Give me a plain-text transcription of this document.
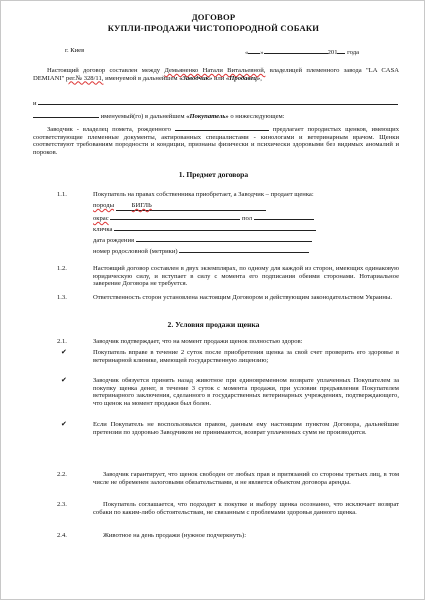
ДОГОВОР
КУПЛИ-ПРОДАЖИ ЧИСТОПОРОДНОЙ СОБАКИ
г. Киев	« »	201 года
Настоящий договор составлен между Демьяненко Натали Витальевной, владелицей племенного завода "LA CASA DEMIANI" рег.№ 328/11, именуемой в дальнейшем «Заводчик» или «Продавец»,
и
именуемый(го) в дальнейшем «Покупатель» о нижеследующем:
Заводчик - владелец помета, рожденного	предлагает породистых щенков, имеющих соответствующие племенные документы, актированных специалистами - кинологами и ветеринарным врачом. Щенки соответствуют требованиям породности и кондиции, признаны физически и психически здоровыми без видимых аномалий и пороков.
1. Предмет договора
1.1.	Покупатель на правах собственника приобретает, а Заводчик – продает щенка:
породы	БИГЛЬ
окрас	пол
кличка
дата рождения
номер родословной (метрики)
1.2.	Настоящий договор составлен в двух экземплярах, по одному для каждой из сторон, имеющих одинаковую юридическую силу, и вступает в силу с момента его подписания обеими сторонами. Нотариальное заверение Договора не требуется.
1.3.	Ответственность сторон установлена настоящим Договором и действующим законодательством Украины.
2. Условия продажи щенка
2.1.	Заводчик подтверждает, что на момент продажи щенок полностью здоров:
✔	Покупатель вправе в течение 2 суток после приобретения щенка за свой счет проверить его здоровье в ветеринарной клинике, имеющей государственную лицензию;
✔	Заводчик обязуется принять назад животное при единовременном возврате уплаченных Покупателем за покупку щенка денег, в течение 3 суток с момента продажи, при условии предъявления Покупателем ветеринарного заключения, сделанного в государственных ветеринарных учреждениях, подтверждающего, что щенок на момент продажи был болен.
✔	Если Покупатель не воспользовался правом, данным ему настоящим пунктом Договора, дальнейшие претензии по здоровью Заводчиком не принимаются, возврат уплаченных сумм не производится.
2.2.	Заводчик гарантирует, что щенок свободен от любых прав и притязаний со стороны третьих лиц, в том числе не обременен залоговыми обязательствами, и не является объектом договора аренды.
2.3.	Покупатель соглашается, что подходит к покупке и выбору щенка осознанно, что исключает возврат собаки по каким-либо обстоятельствам, не связанным с проблемами здоровья данного щенка.
2.4.	Животное на день продажи (нужное подчеркнуть):
